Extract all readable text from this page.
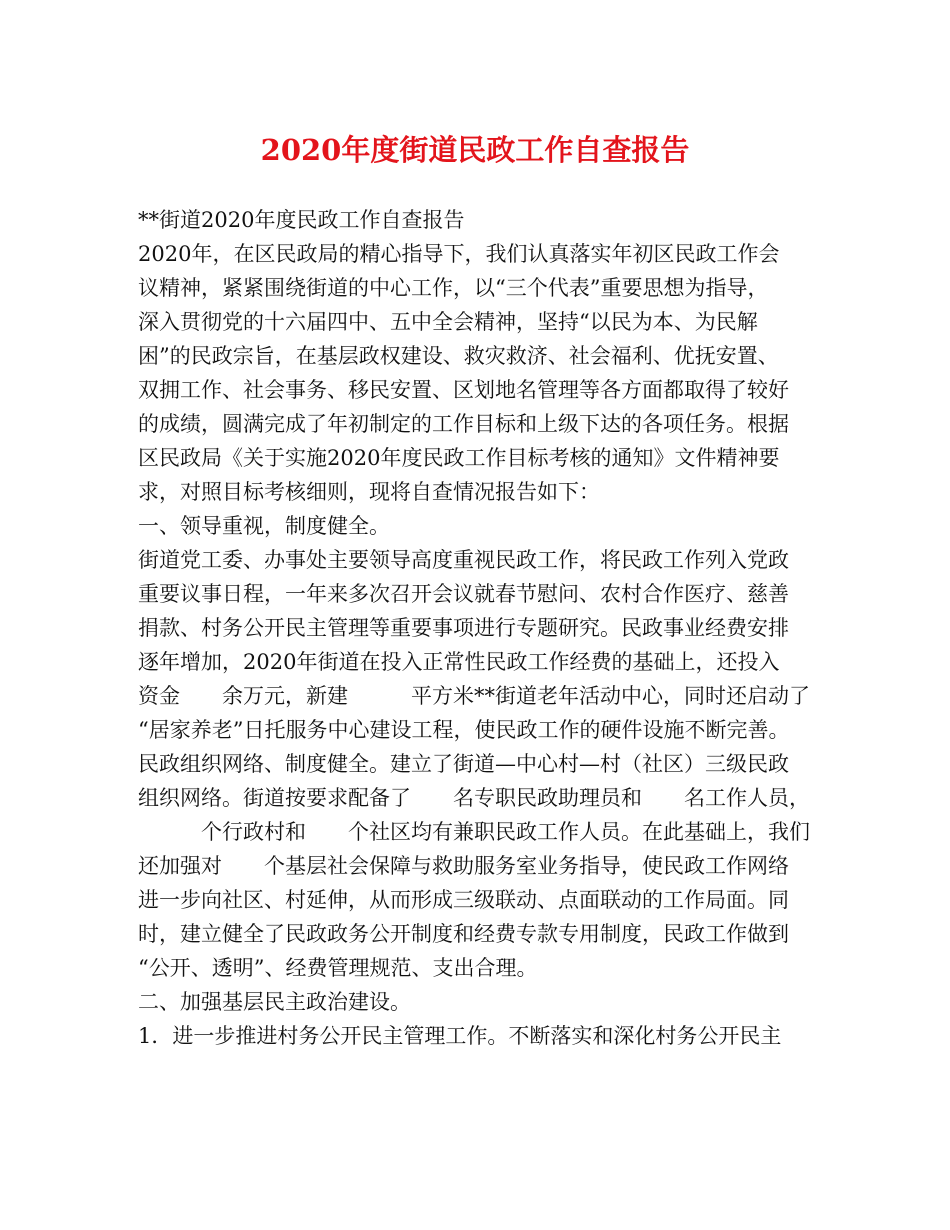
2020年度街道民政工作自查报告
**街道2020年度民政工作自查报告
2020年，在区民政局的精心指导下，我们认真落实年初区民政工作会
议精神，紧紧围绕街道的中心工作，以“三个代表”重要思想为指导，
深入贯彻党的十六届四中、五中全会精神，坚持“以民为本、为民解
困”的民政宗旨，在基层政权建设、救灾救济、社会福利、优抚安置、
双拥工作、社会事务、移民安置、区划地名管理等各方面都取得了较好
的成绩，圆满完成了年初制定的工作目标和上级下达的各项任务。根据
区民政局《关于实施2020年度民政工作目标考核的通知》文件精神要
求，对照目标考核细则，现将自查情况报告如下：
一、领导重视，制度健全。
街道党工委、办事处主要领导高度重视民政工作，将民政工作列入党政
重要议事日程，一年来多次召开会议就春节慰问、农村合作医疗、慈善
捐款、村务公开民主管理等重要事项进行专题研究。民政事业经费安排
逐年增加，2020年街道在投入正常性民政工作经费的基础上，还投入
资金　　余万元，新建　　　平方米**街道老年活动中心，同时还启动了
“居家养老”日托服务中心建设工程，使民政工作的硬件设施不断完善。
民政组织网络、制度健全。建立了街道—中心村—村（社区）三级民政
组织网络。街道按要求配备了　　名专职民政助理员和　　名工作人员，
　　　个行政村和　　个社区均有兼职民政工作人员。在此基础上，我们
还加强对　　个基层社会保障与救助服务室业务指导，使民政工作网络
进一步向社区、村延伸，从而形成三级联动、点面联动的工作局面。同
时，建立健全了民政政务公开制度和经费专款专用制度，民政工作做到
“公开、透明”、经费管理规范、支出合理。
二、加强基层民主政治建设。
1．进一步推进村务公开民主管理工作。不断落实和深化村务公开民主
